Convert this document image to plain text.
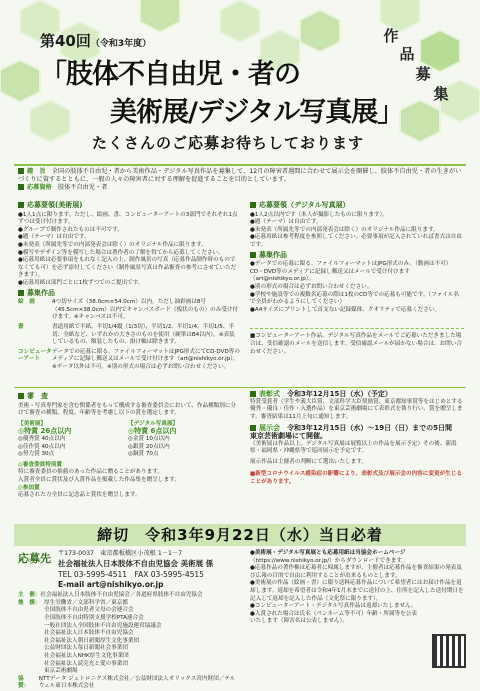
第40回（令和3年度）
「肢体不自由児・者の
美術展/デジタル写真展」
作
品
募
集
たくさんのご応募お待ちしております
趣　旨　 全国の肢体不自由児・者から美術作品・デジタル写真作品を募集して、12月の障害者週間に合わせて展示会を開催し、肢体不自由児・者の生きがいづくりに資するとともに、一般の人々の障害者に対する理解を促進することを目的としています。
応募資格　 肢体不自由児・者
応募要領(美術展)
●1人1点に限ります。ただし、絵画、書、コンピューターアートの3部門でそれぞれ1点ずつは受け付けます。
●グループで制作されたものは不可です。
●題（テーマ）は自由です。
●未発表（所属先等での内部発表会は除く）のオリジナル作品に限ります。
●模写やデザイン等を模写した場合は著作者の了解を得てから応募してください。
●応募用紙は必要事項をもれなく記入の上、制作風景の写真（応募作品制作時のものでなくても可）を必ず添付してください（制作風景写真は作品審査の参考にさせていただきます）。
●応募用紙は部門ごとに1枚ずつでのご提出です。
募集作品
絵　画	4つ切サイズ（38.0cm×54.0cm）以内。ただし油彩画は8号（45.5cm×38.0cm）以内でキャンバスボード（板状のもの）のみ受け付けます。※キャンバスは不可。
書	書道用紙で半紙、半切1/4縦（1/3切）、半切1/2、半切1/4、半切1/5、半切、全紙など、いずれかの大きさのものを使用（硬筆はB4以内）。※表装しているもの、額装したもの、掛け軸は除きます。
コンピューターアート
データでの応募に限る。ファイルフォーマットはJPG形式にてCD-DVD等のメディアに記録し郵送又はメールで受け付けます（art@nishikyo.or.jp）。※データ以外は不可。※別の形式の場合は必ずお問い合わせください。
応募要領（デジタル写真展）
●1人2点以内です（本人が撮影したものに限ります）。
●題（テーマ）は自由です。
●未発表（所属先等での内部発表会は除く）のオリジナル作品に限ります。
●応募用紙は参考程度を参照してください。必要事項が記入されていれば書式は自由です。
募集作品
●データでの応募に限る。ファイルフォーマットはJPG形式のみ。（動画は不可）CD・DVD等のメディアに記録し郵送又はメールで受け付けます（art@nishikyo.or.jp）。
●別の形式の場合は必ずお問い合わせください。
●学校や施設等での複数名応募の際は1枚のCD等での応募も可能です。（ファイル名で全員がわかるようにしてください）
●A4サイズにプリントして首支ない記録媒体、クオリティで応募ください。
■コンピューターアート作品、デジタル写真作品をメールでご応募いただきました場合は、受信確認のメールを送信します。受信確認メールが届かない場合は、お問い合わせください。
審　査
美術・写真専門家を含む関係者をもって構成する審査委員会において、作品種類別に分けて審査の種類、程度、年齢等を考慮し以下の賞を選定します。
【美術展】
◎特賞 26点以内
◎優秀賞 40点以内
◎佳作賞 40点以内
◎努力賞 30点
【デジタル写真展】
◎特賞 6点以内
◎金賞 10点以内
◎銀賞 20点以内
◎銅賞 70点
◎審査委員特別賞
特に審査委員の推薦のあった作品に贈ることがあります。
入賞者全員に賞状及び入賞作品を掲載した作品集を贈呈します。
◎参加賞
応募された方全員に記念品と賞状を贈呈します。
表彰式　 令和3年12月15日（水）（予定）
特賞受賞者（学生や義大臣賞、文部科学大臣奨励賞、東京都知事賞等をはじめとする優秀・優良・佳作・入選作品）を東京芸術劇場にて表彰式を執り行い、賞を贈呈します。審査結果は11月上旬に通知します。
展示会　 令和3年12月15日（水）～19日（日）までの5日間
東京芸術劇場にて開催。
（美術展は作品以上、デジタル写真展は展覧以上の作品を展示予定）その後、新潟県・福岡県・沖縄県等で巡回展示を予定です。
展示作品は主催者の判断にて選出いたします。
■新型コロナウイルス感染症の影響により、表彰式及び展示会の内容に変更が生じることがあります。
締切　令和3年9月22日（水）当日必着
応募先	〒173-0037　東京都板橋区小茂根 1－1－7
社会福祉法人日本肢体不自由児協会 美術展 係
TEL 03-5995-4511　FAX 03-5995-4515
E-mail art@nishikyo.or.jp
主　催：社会福祉法人日本肢体不自由児協会／各道府県肢体不自由児協会
後　援： 厚生労働省／文部科学省／東京都
全国肢体不自由児者父母の会連合会
全国肢体不自由特別支援学校PTA連合会
一般社団法人全国肢体不自由児施設運営協議会
社会福祉法人日本肢体不自由児協会
社会福祉法人朝日新聞厚生文化事業団
公益財団法人毎日新聞社会事業団
社会福祉法人NHK厚生文化事業団
社会福祉法人読売光と愛の事業団
東京芸術劇場
協　賛：
NTTデータ ジェトロニクス株式会社／公益財団法人オリックス宮内財団／テルウェル東日本株式会社
●美術展・デジタル写真展とも応募用紙は当協会ホームページ
（https://www.nishikyo.or.jp/）からダウンロードできます。
●応募作品の著作権は応募者に帰属しますが、主催者は応募作品を審査結果の発表及び広報の目的で自由に利用することが出来るものとします。
●美術展の作品（絵画・書）に限り送料応募作品について希望者にはお届け作品を返却します。返却を希望者は令和4年1月末までに送付の上、住所を記入した送付期日を記入して返却を記入した作品（文化祭に限ります）。
●コンピューターアート・デジタル写真作品は返却いたしません。
●入賞された場合は氏名（ペンネーム等不可）年齢・所属等を公表いたします（障害名は公表しません）。
